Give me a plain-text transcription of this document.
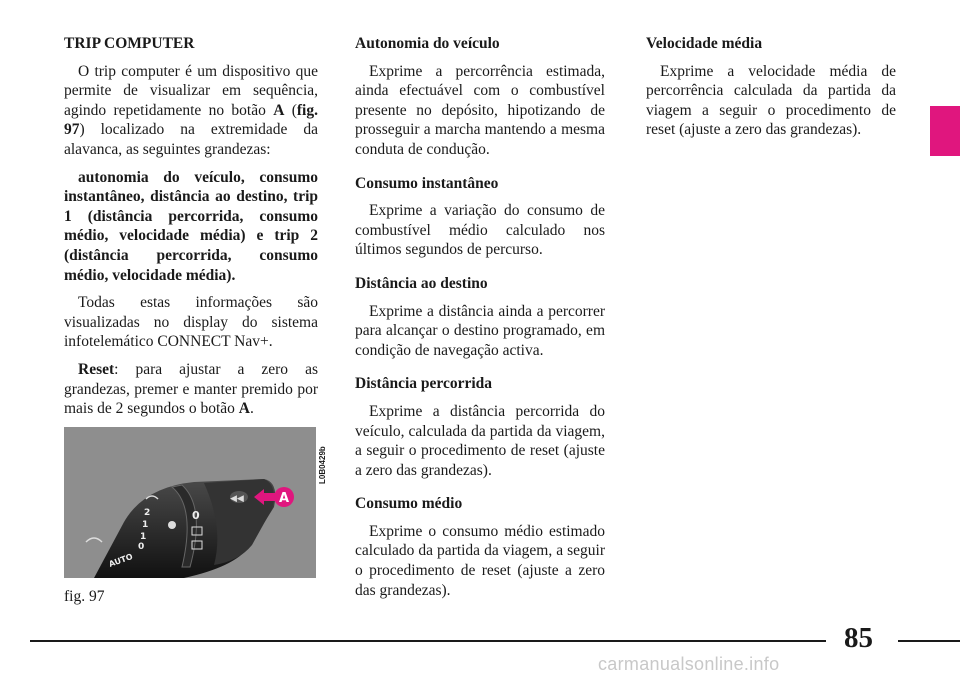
TRIP COMPUTER

O trip computer é um dispositivo que permite de visualizar em sequência, agindo repetidamente no botão A (fig. 97) localizado na extremidade da alavanca, as seguintes grandezas:

autonomia do veículo, consumo instantâneo, distância ao destino, trip 1 (distância percorrida, consumo médio, velocidade média) e trip 2 (distância percorrida, consumo médio, velocidade média).

Todas estas informações são visualizadas no display do sistema infotelemático CONNECT Nav+.

Reset: para ajustar a zero as grandezas, premer e manter premido por mais de 2 segundos o botão A.

◀◀
2
1
1
0
AUTO
0
A
L0B0429b
fig. 97

Autonomia do veículo

Exprime a percorrência estimada, ainda efectuável com o combustível presente no depósito, hipotizando de prosseguir a marcha mantendo a mesma conduta de condução.

Consumo instantâneo

Exprime a variação do consumo de combustível médio calculado nos últimos segundos de percurso.

Distância ao destino

Exprime a distância ainda a percorrer para alcançar o destino programado, em condição de navegação activa.

Distância percorrida

Exprime a distância percorrida do veículo, calculada da partida da viagem, a seguir o procedimento de reset (ajuste a zero das grandezas).

Consumo médio

Exprime o consumo médio estimado calculado da partida da viagem, a seguir o procedimento de reset (ajuste a zero das grandezas).

Velocidade média

Exprime a velocidade média de percorrência calculada da partida da viagem a seguir o procedimento de reset (ajuste a zero das grandezas).

85
carmanualsonline.info
